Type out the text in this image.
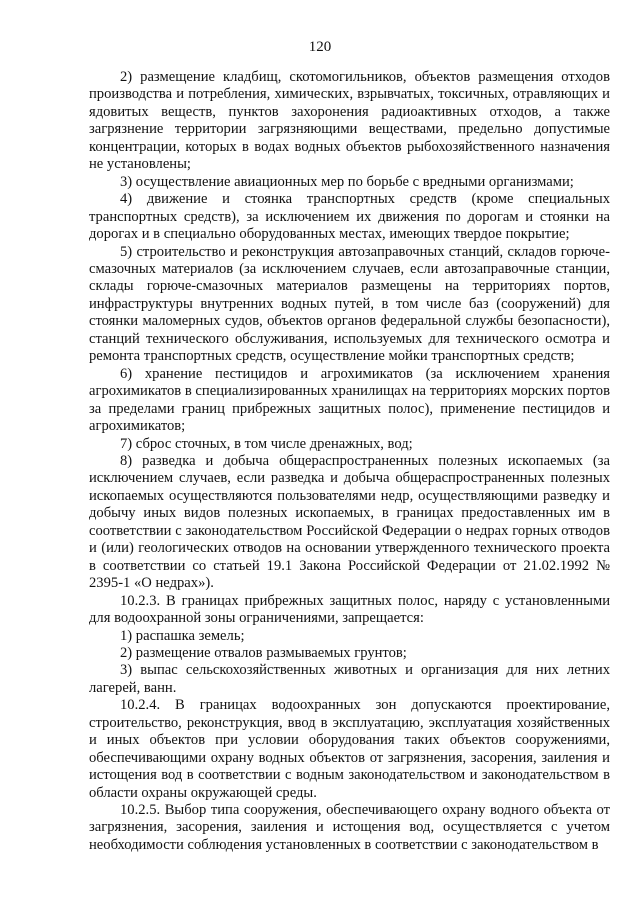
120

2) размещение кладбищ, скотомогильников, объектов размещения отходов производства и потребления, химических, взрывчатых, токсичных, отравляющих и ядовитых веществ, пунктов захоронения радиоактивных отходов, а также загрязнение территории загрязняющими веществами, предельно допустимые концентрации, которых в водах водных объектов рыбохозяйственного назначения не установлены;

3) осуществление авиационных мер по борьбе с вредными организмами;

4) движение и стоянка транспортных средств (кроме специальных транспортных средств), за исключением их движения по дорогам и стоянки на дорогах и в специально оборудованных местах, имеющих твердое покрытие;

5) строительство и реконструкция автозаправочных станций, складов горюче-смазочных материалов (за исключением случаев, если автозаправочные станции, склады горюче-смазочных материалов размещены на территориях портов, инфраструктуры внутренних водных путей, в том числе баз (сооружений) для стоянки маломерных судов, объектов органов федеральной службы безопасности), станций технического обслуживания, используемых для технического осмотра и ремонта транспортных средств, осуществление мойки транспортных средств;

6) хранение пестицидов и агрохимикатов (за исключением хранения агрохимикатов в специализированных хранилищах на территориях морских портов за пределами границ прибрежных защитных полос), применение пестицидов и агрохимикатов;

7) сброс сточных, в том числе дренажных, вод;

8) разведка и добыча общераспространенных полезных ископаемых (за исключением случаев, если разведка и добыча общераспространенных полезных ископаемых осуществляются пользователями недр, осуществляющими разведку и добычу иных видов полезных ископаемых, в границах предоставленных им в соответствии с законодательством Российской Федерации о недрах горных отводов и (или) геологических отводов на основании утвержденного технического проекта в соответствии со статьей 19.1 Закона Российской Федерации от 21.02.1992 № 2395-1 «О недрах»).

10.2.3. В границах прибрежных защитных полос, наряду с установленными для водоохранной зоны ограничениями, запрещается:

1) распашка земель;

2) размещение отвалов размываемых грунтов;

3) выпас сельскохозяйственных животных и организация для них летних лагерей, ванн.

10.2.4. В границах водоохранных зон допускаются проектирование, строительство, реконструкция, ввод в эксплуатацию, эксплуатация хозяйственных и иных объектов при условии оборудования таких объектов сооружениями, обеспечивающими охрану водных объектов от загрязнения, засорения, заиления и истощения вод в соответствии с водным законодательством и законодательством в области охраны окружающей среды.

10.2.5. Выбор типа сооружения, обеспечивающего охрану водного объекта от загрязнения, засорения, заиления и истощения вод, осуществляется с учетом необходимости соблюдения установленных в соответствии с законодательством в
